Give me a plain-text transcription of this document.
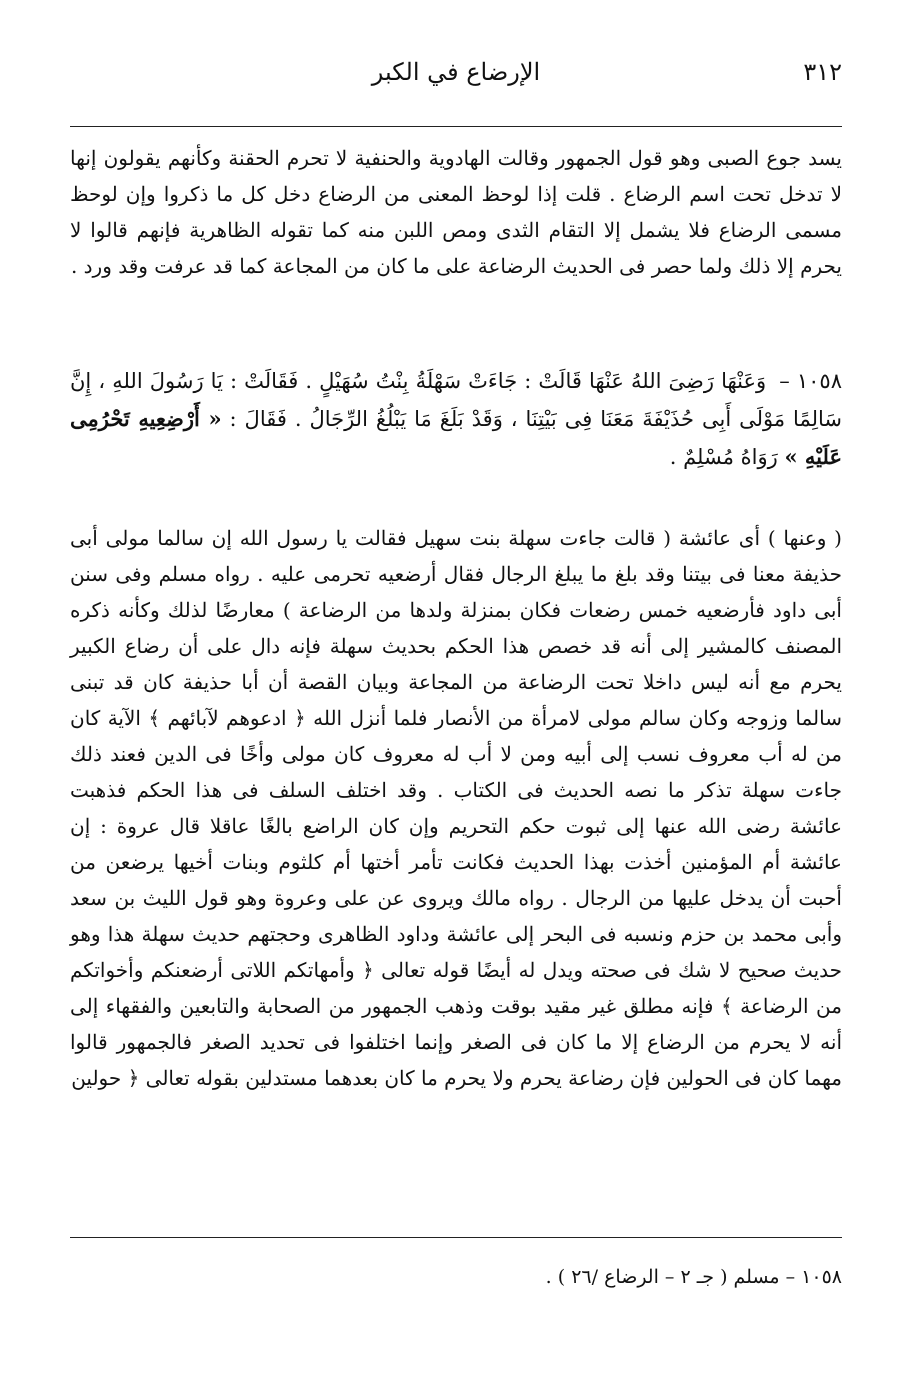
٣١٢
الإرضاع في الكبر

يسد جوع الصبى وهو قول الجمهور وقالت الهادوية والحنفية لا تحرم الحقنة وكأنهم يقولون إنها لا تدخل تحت اسم الرضاع . قلت إذا لوحظ المعنى من الرضاع دخل كل ما ذكروا وإن لوحظ مسمى الرضاع فلا يشمل إلا التقام الثدى ومص اللبن منه كما تقوله الظاهرية فإنهم قالوا لا يحرم إلا ذلك ولما حصر فى الحديث الرضاعة على ما كان من المجاعة كما قد عرفت وقد ورد .

١٠٥٨ – وَعَنْهَا رَضِىَ اللهُ عَنْهَا قَالَتْ : جَاءَتْ سَهْلَةُ بِنْتُ سُهَيْلٍ . فَقَالَتْ : يَا رَسُولَ اللهِ ، إِنَّ سَالِمًا مَوْلَى أَبِى حُذَيْفَةَ مَعَنَا فِى بَيْتِنَا ، وَقَدْ بَلَغَ مَا يَبْلُغُ الرِّجَالُ . فَقَالَ : « أَرْضِعِيهِ تَحْرُمِى عَلَيْهِ » رَوَاهُ مُسْلِمٌ .

( وعنها ) أى عائشة ( قالت جاءت سهلة بنت سهيل فقالت يا رسول الله إن سالما مولى أبى حذيفة معنا فى بيتنا وقد بلغ ما يبلغ الرجال فقال أرضعيه تحرمى عليه . رواه مسلم وفى سنن أبى داود فأرضعيه خمس رضعات فكان بمنزلة ولدها من الرضاعة ) معارضًا لذلك وكأنه ذكره المصنف كالمشير إلى أنه قد خصص هذا الحكم بحديث سهلة فإنه دال على أن رضاع الكبير يحرم مع أنه ليس داخلا تحت الرضاعة من المجاعة وبيان القصة أن أبا حذيفة كان قد تبنى سالما وزوجه وكان سالم مولى لامرأة من الأنصار فلما أنزل الله ﴿ ادعوهم لآبائهم ﴾ الآية كان من له أب معروف نسب إلى أبيه ومن لا أب له معروف كان مولى وأخًا فى الدين فعند ذلك جاءت سهلة تذكر ما نصه الحديث فى الكتاب . وقد اختلف السلف فى هذا الحكم فذهبت عائشة رضى الله عنها إلى ثبوت حكم التحريم وإن كان الراضع بالغًا عاقلا قال عروة : إن عائشة أم المؤمنين أخذت بهذا الحديث فكانت تأمر أختها أم كلثوم وبنات أخيها يرضعن من أحبت أن يدخل عليها من الرجال . رواه مالك ويروى عن على وعروة وهو قول الليث بن سعد وأبى محمد بن حزم ونسبه فى البحر إلى عائشة وداود الظاهرى وحجتهم حديث سهلة هذا وهو حديث صحيح لا شك فى صحته ويدل له أيضًا قوله تعالى ﴿ وأمهاتكم اللاتى أرضعنكم وأخواتكم من الرضاعة ﴾ فإنه مطلق غير مقيد بوقت وذهب الجمهور من الصحابة والتابعين والفقهاء إلى أنه لا يحرم من الرضاع إلا ما كان فى الصغر وإنما اختلفوا فى تحديد الصغر فالجمهور قالوا مهما كان فى الحولين فإن رضاعة يحرم ولا يحرم ما كان بعدهما مستدلين بقوله تعالى ﴿ حولين

١٠٥٨ – مسلم ( جـ ٢ – الرضاع /٢٦ ) .
